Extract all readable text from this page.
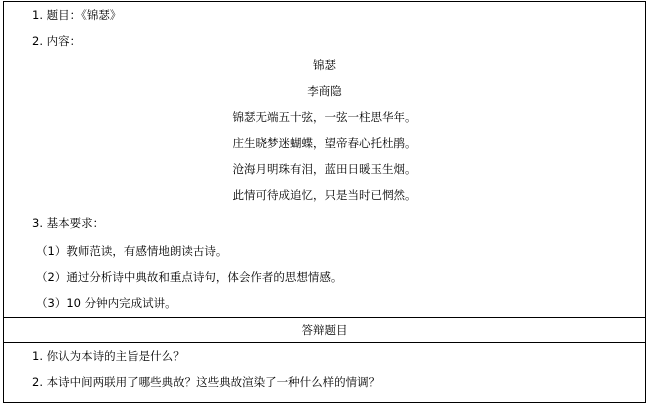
1. 题目：《锦瑟》
2. 内容：
锦瑟
李商隐
锦瑟无端五十弦，一弦一柱思华年。
庄生晓梦迷蝴蝶，望帝春心托杜鹃。
沧海月明珠有泪，蓝田日暖玉生烟。
此情可待成追忆，只是当时已惘然。
3. 基本要求：
（1）教师范读，有感情地朗读古诗。
（2）通过分析诗中典故和重点诗句，体会作者的思想情感。
（3）10 分钟内完成试讲。
答辩题目
1. 你认为本诗的主旨是什么？
2. 本诗中间两联用了哪些典故？这些典故渲染了一种什么样的情调？
